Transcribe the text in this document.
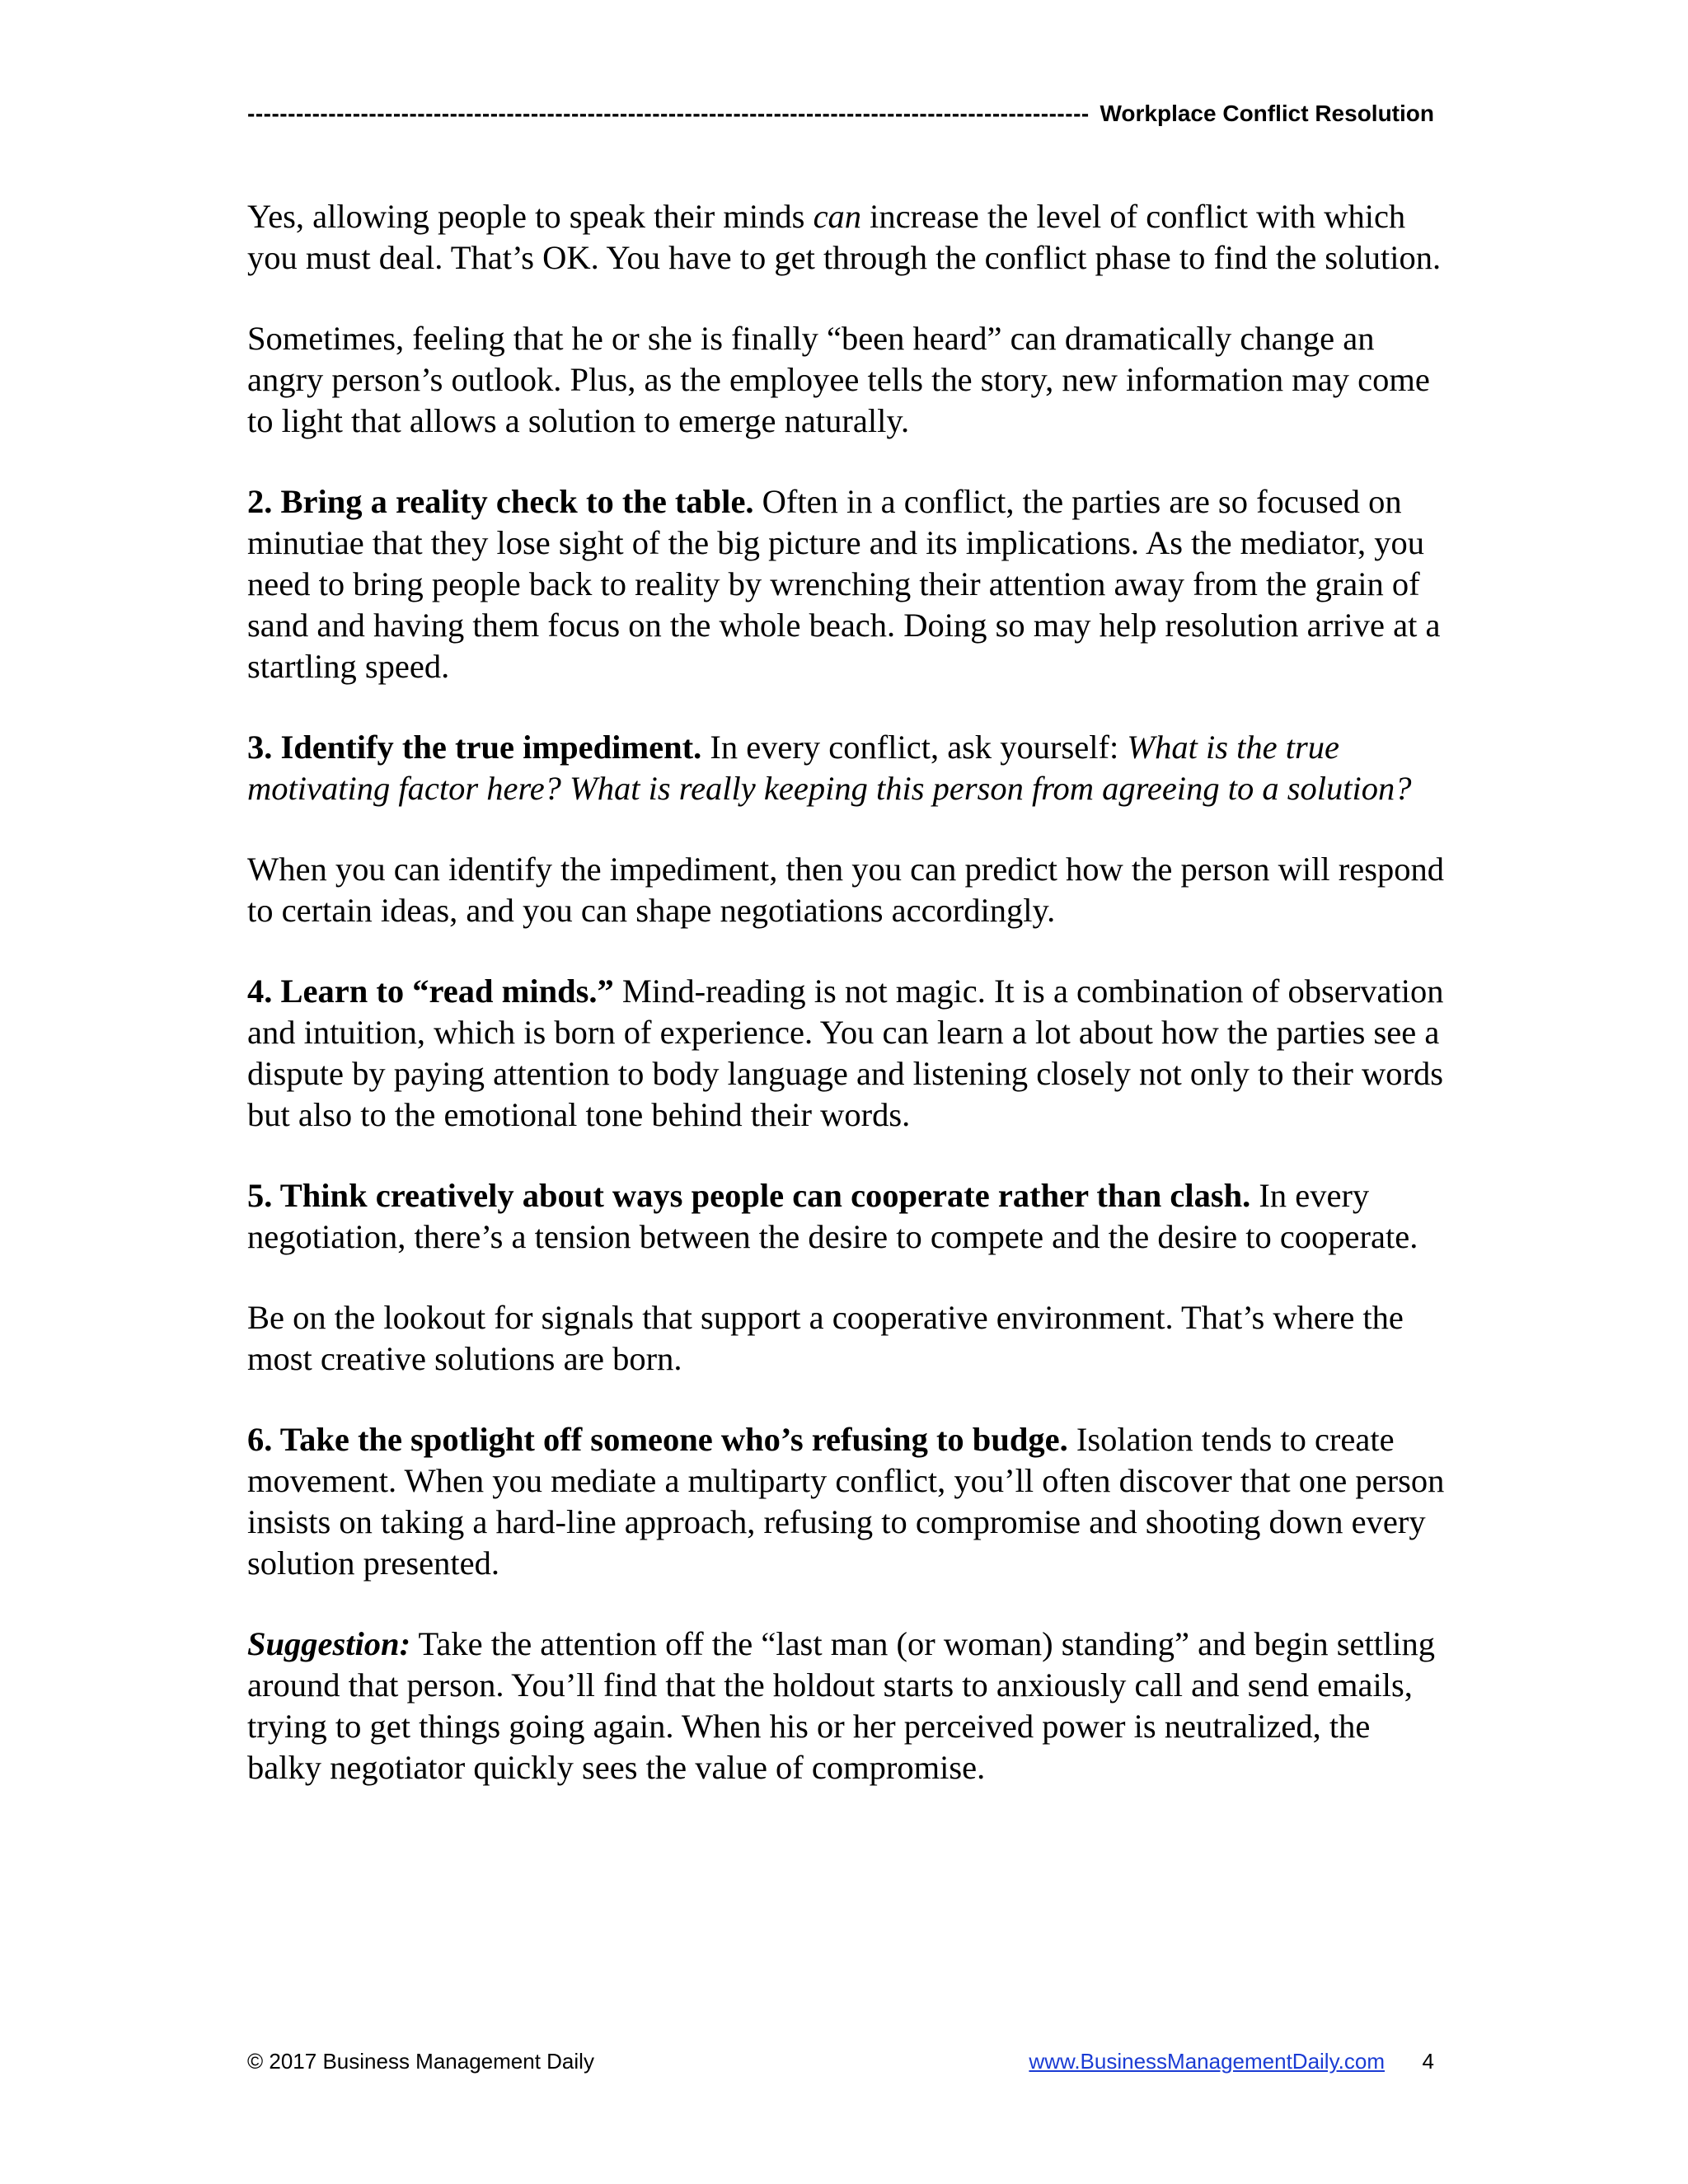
-------------------------------------------------------------------------------------------------------- Workplace Conflict Resolution

Yes, allowing people to speak their minds can increase the level of conflict with which you must deal. That’s OK. You have to get through the conflict phase to find the solution.

Sometimes, feeling that he or she is finally “been heard” can dramatically change an angry person’s outlook. Plus, as the employee tells the story, new information may come to light that allows a solution to emerge naturally.

2. Bring a reality check to the table. Often in a conflict, the parties are so focused on minutiae that they lose sight of the big picture and its implications. As the mediator, you need to bring people back to reality by wrenching their attention away from the grain of sand and having them focus on the whole beach. Doing so may help resolution arrive at a startling speed.

3. Identify the true impediment. In every conflict, ask yourself: What is the true motivating factor here? What is really keeping this person from agreeing to a solution?

When you can identify the impediment, then you can predict how the person will respond to certain ideas, and you can shape negotiations accordingly.

4. Learn to “read minds.” Mind-reading is not magic. It is a combination of observation and intuition, which is born of experience. You can learn a lot about how the parties see a dispute by paying attention to body language and listening closely not only to their words but also to the emotional tone behind their words.

5. Think creatively about ways people can cooperate rather than clash. In every negotiation, there’s a tension between the desire to compete and the desire to cooperate.

Be on the lookout for signals that support a cooperative environment. That’s where the most creative solutions are born.

6. Take the spotlight off someone who’s refusing to budge. Isolation tends to create movement. When you mediate a multiparty conflict, you’ll often discover that one person insists on taking a hard-line approach, refusing to compromise and shooting down every solution presented.

Suggestion: Take the attention off the “last man (or woman) standing” and begin settling around that person. You’ll find that the holdout starts to anxiously call and send emails, trying to get things going again. When his or her perceived power is neutralized, the balky negotiator quickly sees the value of compromise.

© 2017 Business Management Daily	www.BusinessManagementDaily.com 4
